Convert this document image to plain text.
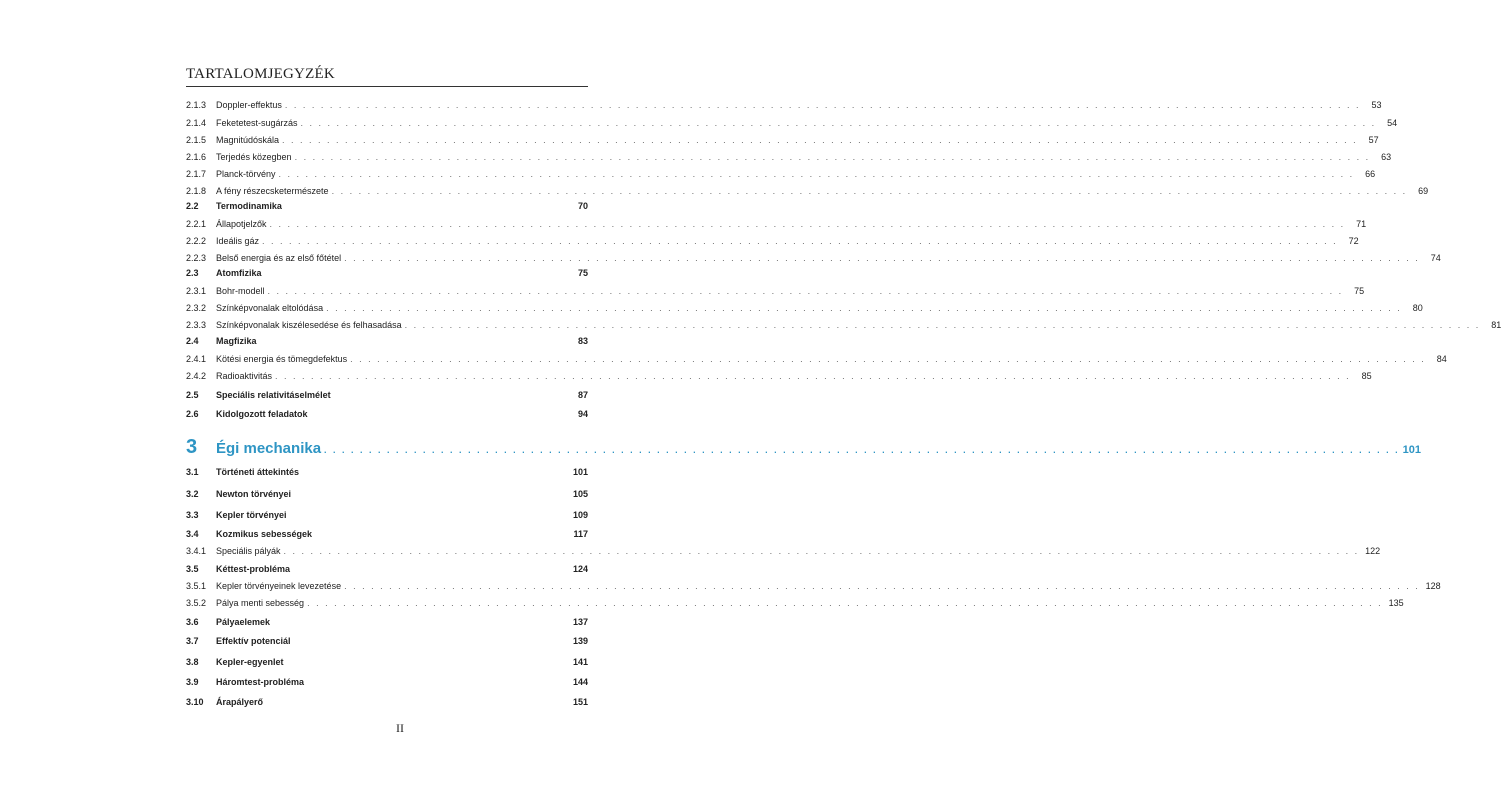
TARTALOMJEGYZÉK
2.1.3	Doppler-effektus . . . . . . . . . . . . . . . . . . . . . . . . . . . . . . . . . . . . . . . . . . . . . . . . . . . . . . . . . . . . . . . . . . . . . . . . . . . . . . . . . . . . . . . . . . . . . . . . . . . . . . . . . . . . . . . . . . . . . . . .	53
2.1.4	Feketetest-sugárzás . . . . . . . . . . . . . . . . . . . . . . . . . . . . . . . . . . . . . . . . . . . . . . . . . . . . . . . . . . . . . . . . . . . . . . . . . . . . . . . . . . . . . . . . . . . . . . . . . . . . . . . . . . . . . . . . . . . . . . . .	54
2.1.5	Magnitúdóskála . . . . . . . . . . . . . . . . . . . . . . . . . . . . . . . . . . . . . . . . . . . . . . . . . . . . . . . . . . . . . . . . . . . . . . . . . . . . . . . . . . . . . . . . . . . . . . . . . . . . . . . . . . . . . . . . . . . . . . . .	57
2.1.6	Terjedés közegben . . . . . . . . . . . . . . . . . . . . . . . . . . . . . . . . . . . . . . . . . . . . . . . . . . . . . . . . . . . . . . . . . . . . . . . . . . . . . . . . . . . . . . . . . . . . . . . . . . . . . . . . . . . . . . . . . . . . . . . .	63
2.1.7	Planck-törvény . . . . . . . . . . . . . . . . . . . . . . . . . . . . . . . . . . . . . . . . . . . . . . . . . . . . . . . . . . . . . . . . . . . . . . . . . . . . . . . . . . . . . . . . . . . . . . . . . . . . . . . . . . . . . . . . . . . . . . . .	66
2.1.8	A fény részecsketermészete . . . . . . . . . . . . . . . . . . . . . . . . . . . . . . . . . . . . . . . . . . . . . . . . . . . . . . . . . . . . . . . . . . . . . . . . . . . . . . . . . . . . . . . . . . . . . . . . . . . . . . . . . . . . . . . . . . . . . . . .	69
2.2	Termodinamika	70
2.2.1	Állapotjelzők . . . . . . . . . . . . . . . . . . . . . . . . . . . . . . . . . . . . . . . . . . . . . . . . . . . . . . . . . . . . . . . . . . . . . . . . . . . . . . . . . . . . . . . . . . . . . . . . . . . . . . . . . . . . . . . . . . . . . . . .	71
2.2.2	Ideális gáz . . . . . . . . . . . . . . . . . . . . . . . . . . . . . . . . . . . . . . . . . . . . . . . . . . . . . . . . . . . . . . . . . . . . . . . . . . . . . . . . . . . . . . . . . . . . . . . . . . . . . . . . . . . . . . . . . . . . . . . .	72
2.2.3	Belső energia és az első főtétel . . . . . . . . . . . . . . . . . . . . . . . . . . . . . . . . . . . . . . . . . . . . . . . . . . . . . . . . . . . . . . . . . . . . . . . . . . . . . . . . . . . . . . . . . . . . . . . . . . . . . . . . . . . . . . . . . . . . . . . .	74
2.3	Atomfizika	75
2.3.1	Bohr-modell . . . . . . . . . . . . . . . . . . . . . . . . . . . . . . . . . . . . . . . . . . . . . . . . . . . . . . . . . . . . . . . . . . . . . . . . . . . . . . . . . . . . . . . . . . . . . . . . . . . . . . . . . . . . . . . . . . . . . . . .	75
2.3.2	Színképvonalak eltolódása . . . . . . . . . . . . . . . . . . . . . . . . . . . . . . . . . . . . . . . . . . . . . . . . . . . . . . . . . . . . . . . . . . . . . . . . . . . . . . . . . . . . . . . . . . . . . . . . . . . . . . . . . . . . . . . . . . . . . . . .	80
2.3.3	Színképvonalak kiszélesedése és felhasadása . . . . . . . . . . . . . . . . . . . . . . . . . . . . . . . . . . . . . . . . . . . . . . . . . . . . . . . . . . . . . . . . . . . . . . . . . . . . . . . . . . . . . . . . . . . . . . . . . . . . . . . . . . . . . . . . . . . . . . . .	81
2.4	Magfizika	83
2.4.1	Kötési energia és tömegdefektus . . . . . . . . . . . . . . . . . . . . . . . . . . . . . . . . . . . . . . . . . . . . . . . . . . . . . . . . . . . . . . . . . . . . . . . . . . . . . . . . . . . . . . . . . . . . . . . . . . . . . . . . . . . . . . . . . . . . . . . .	84
2.4.2	Radioaktivitás . . . . . . . . . . . . . . . . . . . . . . . . . . . . . . . . . . . . . . . . . . . . . . . . . . . . . . . . . . . . . . . . . . . . . . . . . . . . . . . . . . . . . . . . . . . . . . . . . . . . . . . . . . . . . . . . . . . . . . . .	85
2.5	Speciális relativitáselmélet	87
2.6	Kidolgozott feladatok	94
3	Égi mechanika . . . . . . . . . . . . . . . . . . . . . . . . . . . . . . . . . . . . . . . . . . . . . . . . . . . . . . . . . . . . . . . . . . . . . . . . . . . . . . . . . . . . . . . . . . . . . . . . . . . . . . . . . . . . . . . . . . . . . . . . 101
3.1	Történeti áttekintés	101
3.2	Newton törvényei	105
3.3	Kepler törvényei	109
3.4	Kozmikus sebességek	117
3.4.1	Speciális pályák . . . . . . . . . . . . . . . . . . . . . . . . . . . . . . . . . . . . . . . . . . . . . . . . . . . . . . . . . . . . . . . . . . . . . . . . . . . . . . . . . . . . . . . . . . . . . . . . . . . . . . . . . . . . . . . . . . . . . . . . 122
3.5	Kéttest-probléma	124
3.5.1	Kepler törvényeinek levezetése . . . . . . . . . . . . . . . . . . . . . . . . . . . . . . . . . . . . . . . . . . . . . . . . . . . . . . . . . . . . . . . . . . . . . . . . . . . . . . . . . . . . . . . . . . . . . . . . . . . . . . . . . . . . . . . . . . . . . . . . 128
3.5.2	Pálya menti sebesség . . . . . . . . . . . . . . . . . . . . . . . . . . . . . . . . . . . . . . . . . . . . . . . . . . . . . . . . . . . . . . . . . . . . . . . . . . . . . . . . . . . . . . . . . . . . . . . . . . . . . . . . . . . . . . . . . . . . . . . . 135
3.6	Pályaelemek	137
3.7	Effektív potenciál	139
3.8	Kepler-egyenlet	141
3.9	Háromtest-probléma	144
3.10	Árapályerő	151
II
